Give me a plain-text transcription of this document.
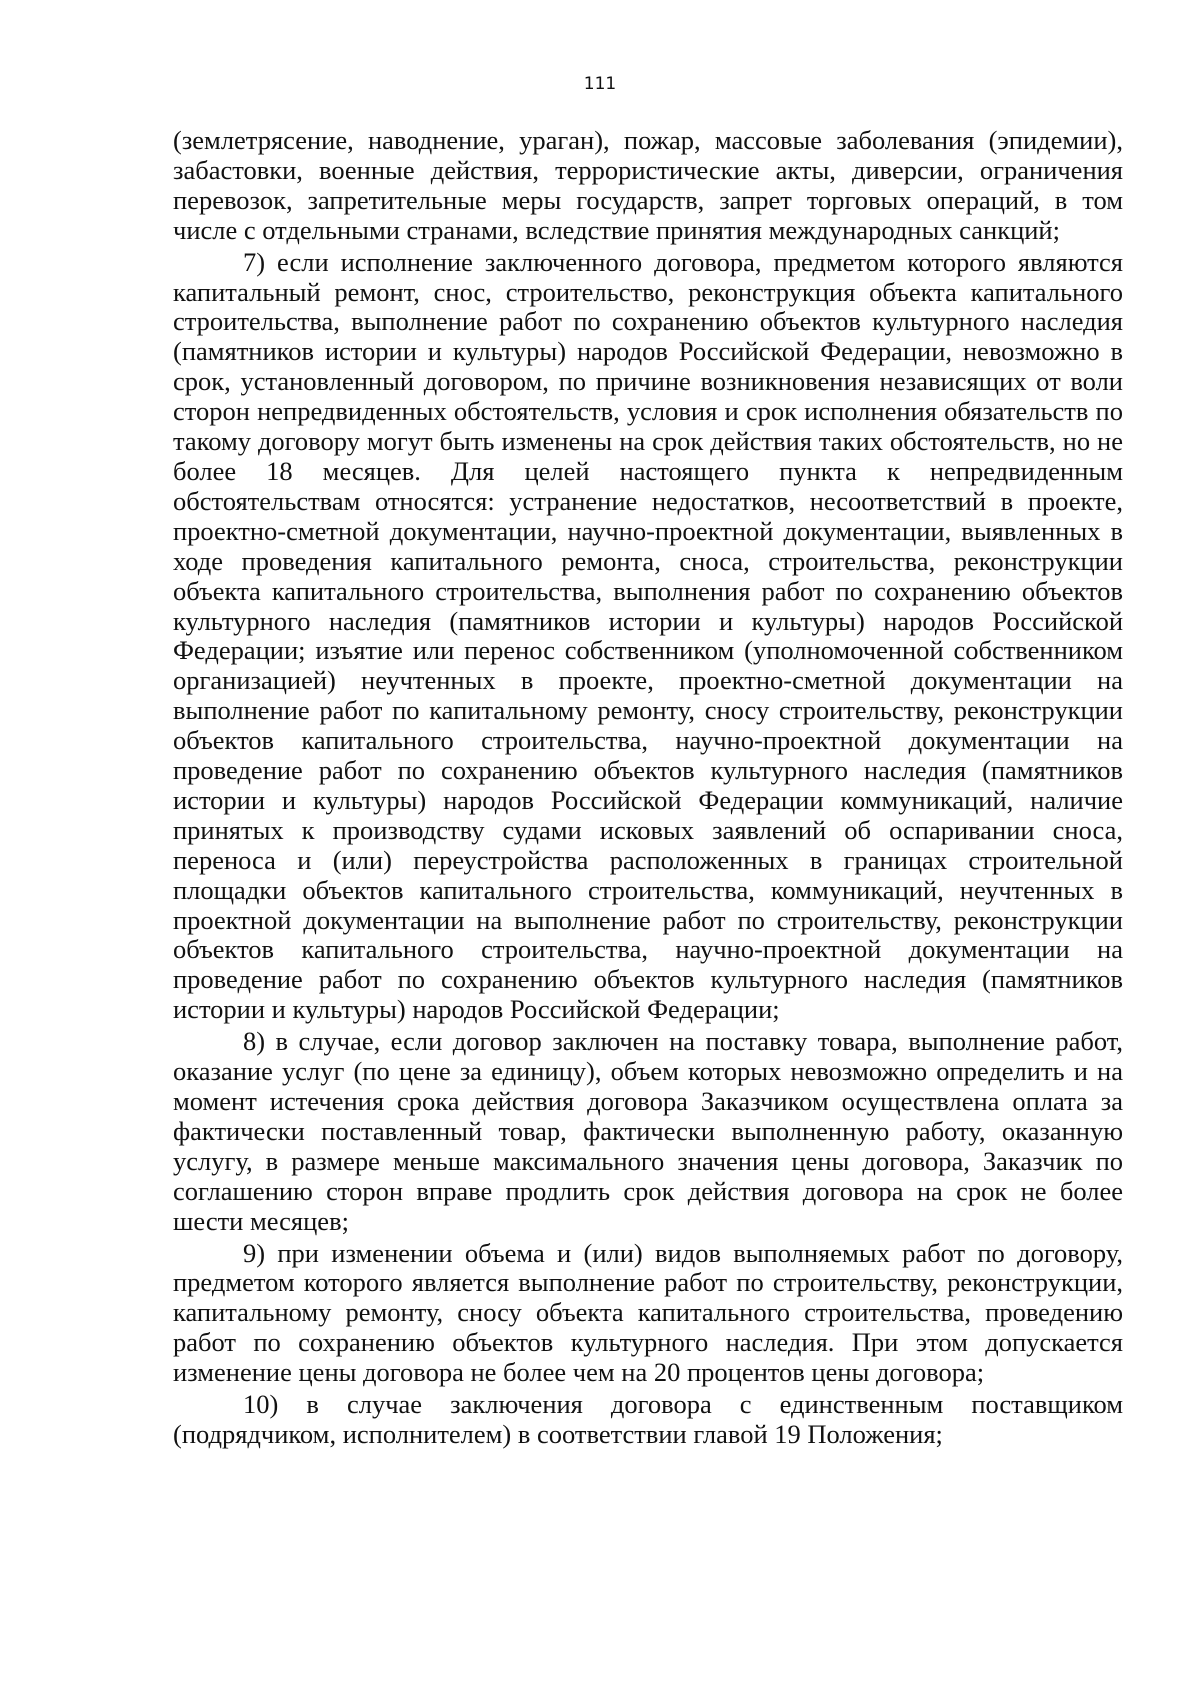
111

(землетрясение, наводнение, ураган), пожар, массовые заболевания (эпидемии), забастовки, военные действия, террористические акты, диверсии, ограничения перевозок, запретительные меры государств, запрет торговых операций, в том числе с отдельными странами, вследствие принятия международных санкций;

7) если исполнение заключенного договора, предметом которого являются капитальный ремонт, снос, строительство, реконструкция объекта капитального строительства, выполнение работ по сохранению объектов культурного наследия (памятников истории и культуры) народов Российской Федерации, невозможно в срок, установленный договором, по причине возникновения независящих от воли сторон непредвиденных обстоятельств, условия и срок исполнения обязательств по такому договору могут быть изменены на срок действия таких обстоятельств, но не более 18 месяцев. Для целей настоящего пункта к непредвиденным обстоятельствам относятся: устранение недостатков, несоответствий в проекте, проектно-сметной документации, научно-проектной документации, выявленных в ходе проведения капитального ремонта, сноса, строительства, реконструкции объекта капитального строительства, выполнения работ по сохранению объектов культурного наследия (памятников истории и культуры) народов Российской Федерации; изъятие или перенос собственником (уполномоченной собственником организацией) неучтенных в проекте, проектно-сметной документации на выполнение работ по капитальному ремонту, сносу строительству, реконструкции объектов капитального строительства, научно-проектной документации на проведение работ по сохранению объектов культурного наследия (памятников истории и культуры) народов Российской Федерации коммуникаций, наличие принятых к производству судами исковых заявлений об оспаривании сноса, переноса и (или) переустройства расположенных в границах строительной площадки объектов капитального строительства, коммуникаций, неучтенных в проектной документации на выполнение работ по строительству, реконструкции объектов капитального строительства, научно-проектной документации на проведение работ по сохранению объектов культурного наследия (памятников истории и культуры) народов Российской Федерации;

8) в случае, если договор заключен на поставку товара, выполнение работ, оказание услуг (по цене за единицу), объем которых невозможно определить и на момент истечения срока действия договора Заказчиком осуществлена оплата за фактически поставленный товар, фактически выполненную работу, оказанную услугу, в размере меньше максимального значения цены договора, Заказчик по соглашению сторон вправе продлить срок действия договора на срок не более шести месяцев;

9) при изменении объема и (или) видов выполняемых работ по договору, предметом которого является выполнение работ по строительству, реконструкции, капитальному ремонту, сносу объекта капитального строительства, проведению работ по сохранению объектов культурного наследия. При этом допускается изменение цены договора не более чем на 20 процентов цены договора;

10) в случае заключения договора с единственным поставщиком (подрядчиком, исполнителем) в соответствии главой 19 Положения;
